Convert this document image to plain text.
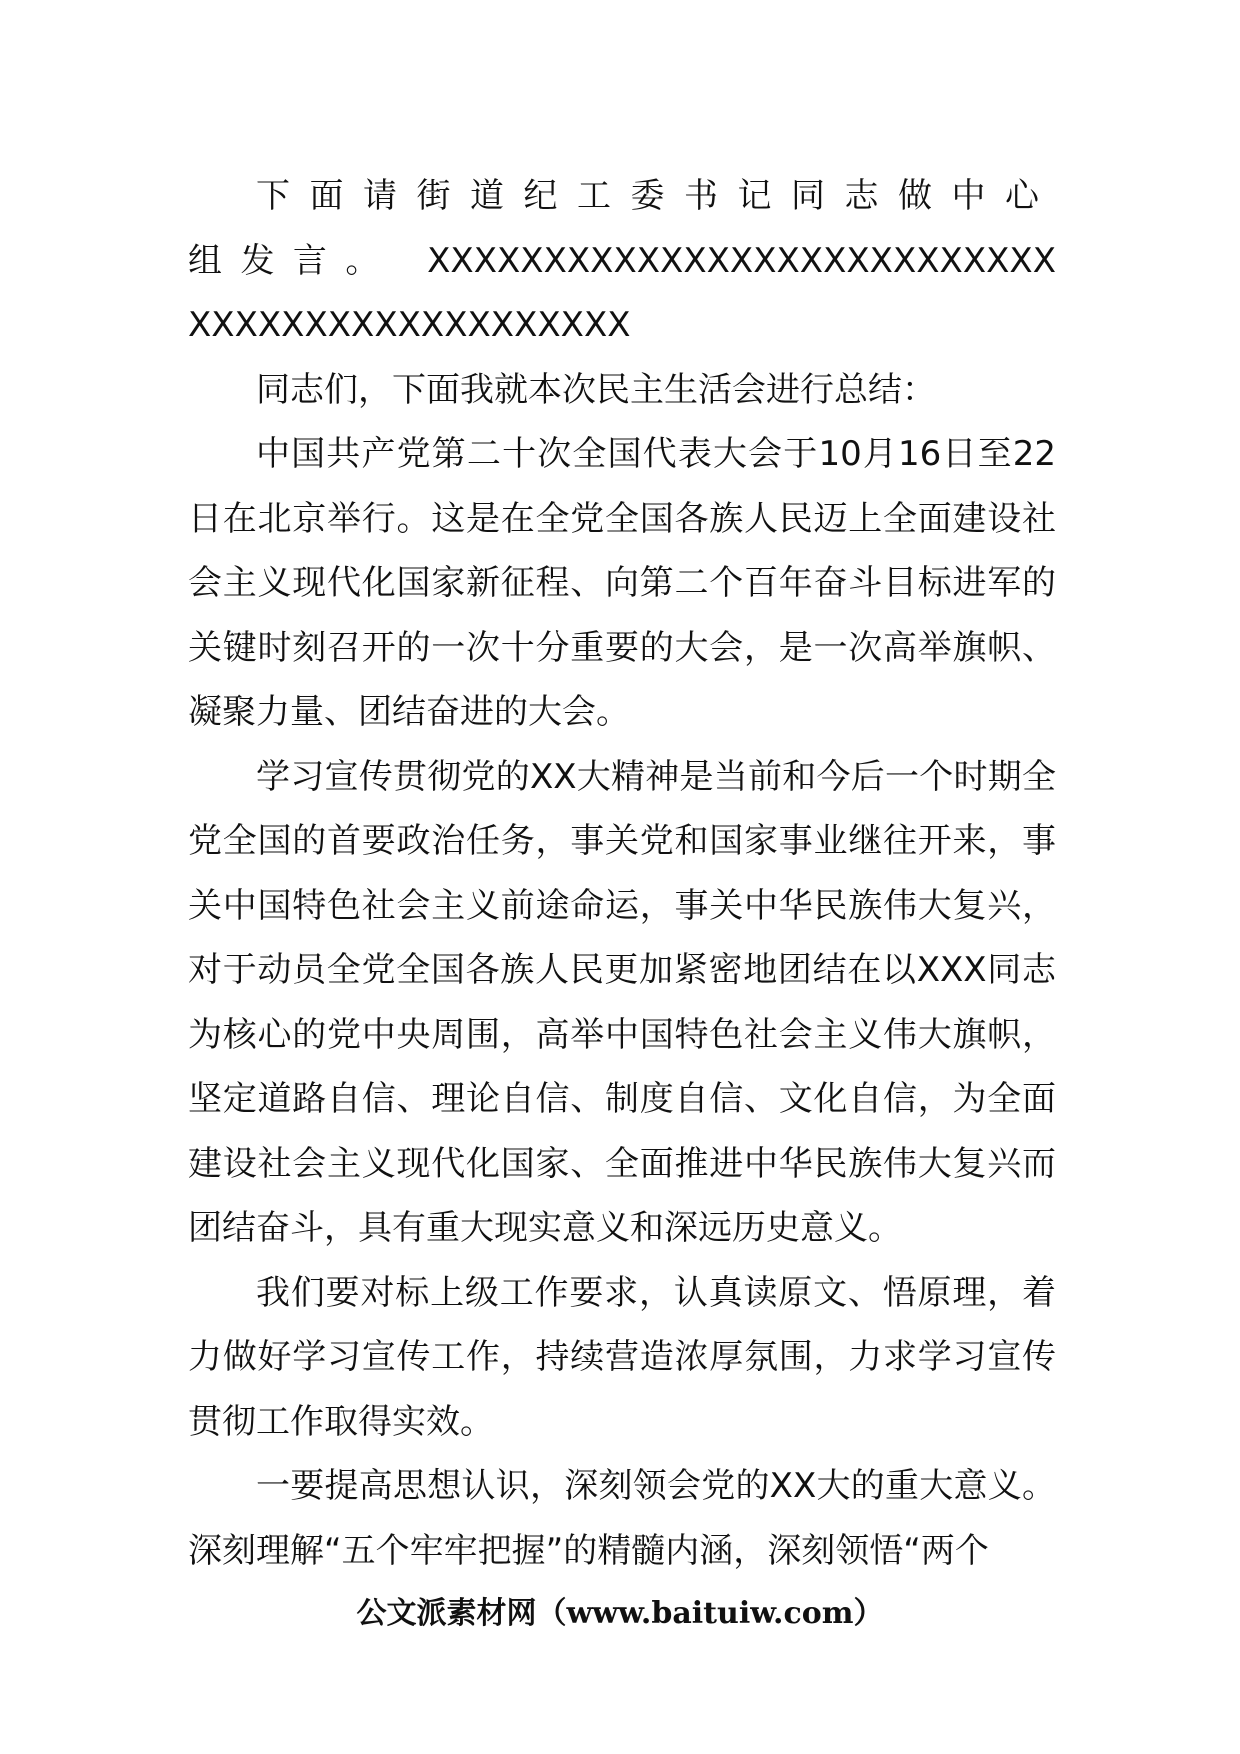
下面请街道纪工委书记同志做中心组发言。 XXXXXXXXXXXXXXXXXXXXXXXXXXXXXXXXXXXXXXXXXXXXXX

同志们，下面我就本次民主生活会进行总结：

中国共产党第二十次全国代表大会于10月16日至22日在北京举行。这是在全党全国各族人民迈上全面建设社会主义现代化国家新征程、向第二个百年奋斗目标进军的关键时刻召开的一次十分重要的大会，是一次高举旗帜、凝聚力量、团结奋进的大会。

学习宣传贯彻党的XX大精神是当前和今后一个时期全党全国的首要政治任务，事关党和国家事业继往开来，事关中国特色社会主义前途命运，事关中华民族伟大复兴，对于动员全党全国各族人民更加紧密地团结在以XXX同志为核心的党中央周围，高举中国特色社会主义伟大旗帜，坚定道路自信、理论自信、制度自信、文化自信，为全面建设社会主义现代化国家、全面推进中华民族伟大复兴而团结奋斗，具有重大现实意义和深远历史意义。

我们要对标上级工作要求，认真读原文、悟原理，着力做好学习宣传工作，持续营造浓厚氛围，力求学习宣传贯彻工作取得实效。

一要提高思想认识，深刻领会党的XX大的重大意义。深刻理解“五个牢牢把握”的精髓内涵，深刻领悟“两个

公文派素材网（www.baituiw.com）
